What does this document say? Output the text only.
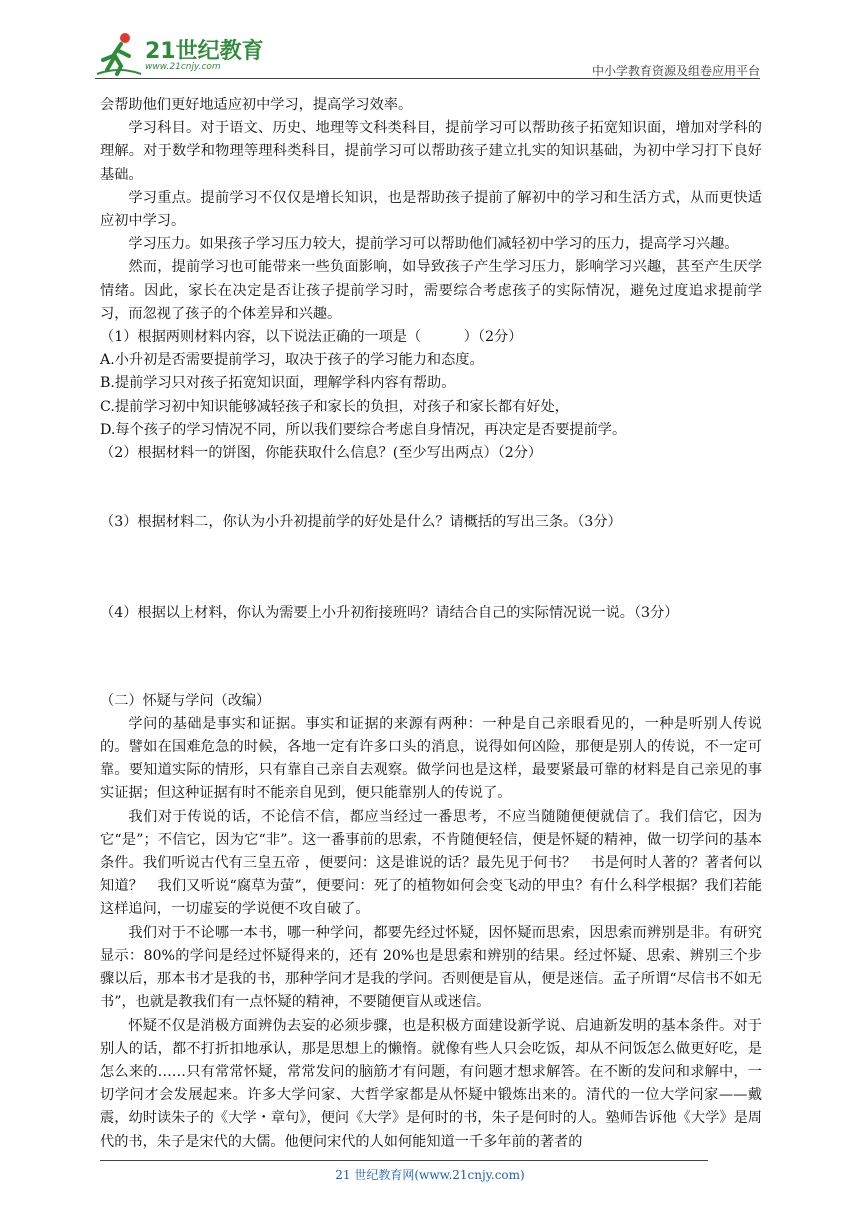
21世纪教育
www.21cnjy.com	中小学教育资源及组卷应用平台

会帮助他们更好地适应初中学习，提高学习效率。

学习科目。对于语文、历史、地理等文科类科目，提前学习可以帮助孩子拓宽知识面，增加对学科的理解。对于数学和物理等理科类科目，提前学习可以帮助孩子建立扎实的知识基础，为初中学习打下良好基础。

学习重点。提前学习不仅仅是增长知识，也是帮助孩子提前了解初中的学习和生活方式，从而更快适应初中学习。

学习压力。如果孩子学习压力较大，提前学习可以帮助他们减轻初中学习的压力，提高学习兴趣。

然而，提前学习也可能带来一些负面影响，如导致孩子产生学习压力，影响学习兴趣，甚至产生厌学情绪。因此，家长在决定是否让孩子提前学习时，需要综合考虑孩子的实际情况，避免过度追求提前学习，而忽视了孩子的个体差异和兴趣。

（1）根据两则材料内容，以下说法正确的一项是（　　　）（2分）

A.小升初是否需要提前学习，取决于孩子的学习能力和态度。

B.提前学习只对孩子拓宽知识面，理解学科内容有帮助。

C.提前学习初中知识能够减轻孩子和家长的负担，对孩子和家长都有好处，

D.每个孩子的学习情况不同，所以我们要综合考虑自身情况，再决定是否要提前学。

（2）根据材料一的饼图，你能获取什么信息？(至少写出两点）（2分）

（3）根据材料二，你认为小升初提前学的好处是什么？请概括的写出三条。（3分）

（4）根据以上材料，你认为需要上小升初衔接班吗？请结合自己的实际情况说一说。（3分）

（二）怀疑与学问（改编）

学问的基础是事实和证据。事实和证据的来源有两种：一种是自己亲眼看见的，一种是听别人传说的。譬如在国难危急的时候，各地一定有许多口头的消息，说得如何凶险，那便是别人的传说，不一定可靠。要知道实际的情形，只有靠自己亲自去观察。做学问也是这样，最要紧最可靠的材料是自己亲见的事实证据；但这种证据有时不能亲自见到，便只能靠别人的传说了。

我们对于传说的话，不论信不信，都应当经过一番思考，不应当随随便便就信了。我们信它，因为它“是”；不信它，因为它“非”。这一番事前的思索，不肯随便轻信，便是怀疑的精神，做一切学问的基本条件。我们听说古代有三皇五帝 ，便要问：这是谁说的话？最先见于何书？　书是何时人著的？著者何以知道？　我们又听说“腐草为萤”，便要问：死了的植物如何会变飞动的甲虫？有什么科学根据？我们若能这样追问，一切虚妄的学说便不攻自破了。

我们对于不论哪一本书，哪一种学问，都要先经过怀疑，因怀疑而思索，因思索而辨别是非。有研究显示：80%的学问是经过怀疑得来的，还有 20%也是思索和辨别的结果。经过怀疑、思索、辨别三个步骤以后，那本书才是我的书，那种学问才是我的学问。否则便是盲从，便是迷信。孟子所谓“尽信书不如无书”，也就是教我们有一点怀疑的精神，不要随便盲从或迷信。

怀疑不仅是消极方面辨伪去妄的必须步骤，也是积极方面建设新学说、启迪新发明的基本条件。对于别人的话，都不打折扣地承认，那是思想上的懒惰。就像有些人只会吃饭，却从不问饭怎么做更好吃，是怎么来的……只有常常怀疑，常常发问的脑筋才有问题，有问题才想求解答。在不断的发问和求解中，一切学问才会发展起来。许多大学问家、大哲学家都是从怀疑中锻炼出来的。清代的一位大学问家——戴震，幼时读朱子的《大学・章句》，便问《大学》是何时的书，朱子是何时的人。塾师告诉他《大学》是周代的书，朱子是宋代的大儒。他便问宋代的人如何能知道一千多年前的著者的

21 世纪教育网(www.21cnjy.com)
